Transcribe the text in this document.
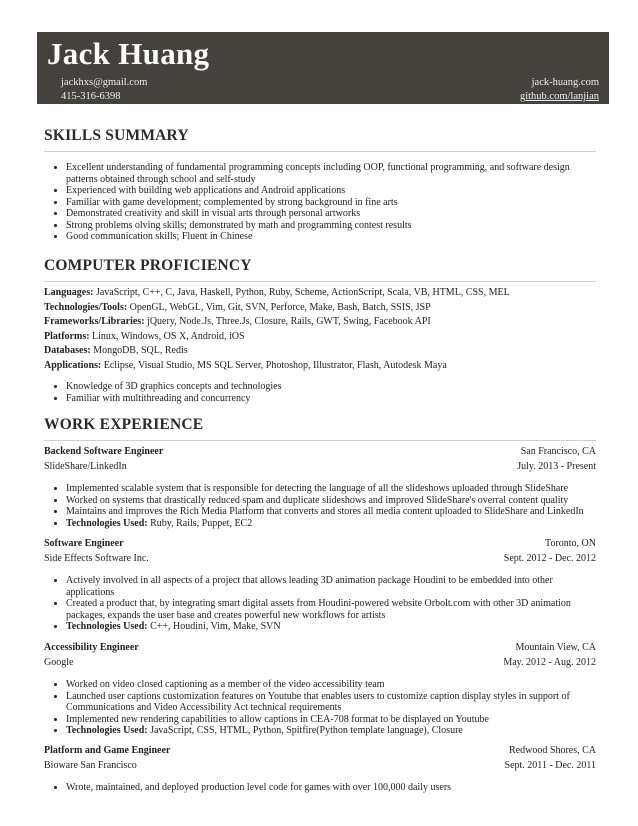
Jack Huang
jackhxs@gmail.com
415-316-6398
jack-huang.com
github.com/lanjian
SKILLS SUMMARY
• Excellent understanding of fundamental programming concepts including OOP, functional programming, and software design patterns obtained through school and self-study
• Experienced with building web applications and Android applications
• Familiar with game development; complemented by strong background in fine arts
• Demonstrated creativity and skill in visual arts through personal artworks
• Strong problems olving skills; demonstrated by math and programming contest results
• Good communication skills; Fluent in Chinese
COMPUTER PROFICIENCY

Languages: JavaScript, C++, C, Java, Haskell, Python, Ruby, Scheme, ActionScript, Scala, VB, HTML, CSS, MEL

Technologies/Tools: OpenGL, WebGL, Vim, Git, SVN, Perforce, Make, Bash, Batch, SSIS, JSP

Frameworks/Libraries: jQuery, Node.Js, Three.Js, Closure, Rails, GWT, Swing, Facebook API

Platforms: Linux, Windows, OS X, Android, iOS

Databases: MongoDB, SQL, Redis

Applications: Eclipse, Visual Studio, MS SQL Server, Photoshop, Illustrator, Flash, Autodesk Maya

• Knowledge of 3D graphics concepts and technologies
• Familiar with multithreading and concurrency
WORK EXPERIENCE
Backend Software Engineer	San Francisco, CA
SlideShare/LinkedIn	July. 2013 - Present
• Implemented scalable system that is responsible for detecting the language of all the slideshows uploaded through SlideShare
• Worked on systems that drastically reduced spam and duplicate slideshows and improved SlideShare's overral content quality
• Maintains and improves the Rich Media Platform that converts and stores all media content uploaded to SlideShare and LinkedIn
• Technologies Used: Ruby, Rails, Puppet, EC2
Software Engineer	Toronto, ON
Side Effects Software Inc.	Sept. 2012 - Dec. 2012
• Actively involved in all aspects of a project that allows leading 3D animation package Houdini to be embedded into other applications
• Created a product that, by integrating smart digital assets from Houdini-powered website Orbolt.com with other 3D animation packages, expands the user base and creates powerful new workflows for artists
• Technologies Used: C++, Houdini, Vim, Make, SVN
Accessibility Engineer	Mountain View, CA
Google	May. 2012 - Aug. 2012
• Worked on video closed captioning as a member of the video accessibility team
• Launched user captions customization features on Youtube that enables users to customize caption display styles in support of Communications and Video Accessibility Act technical requirements
• Implemented new rendering capabilities to allow captions in CEA-708 format to be displayed on Youtube
• Technologies Used: JavaScript, CSS, HTML, Python, Spitfire(Python template language), Closure
Platform and Game Engineer	Redwood Shores, CA
Bioware San Francisco	Sept. 2011 - Dec. 2011
• Wrote, maintained, and deployed production level code for games with over 100,000 daily users
